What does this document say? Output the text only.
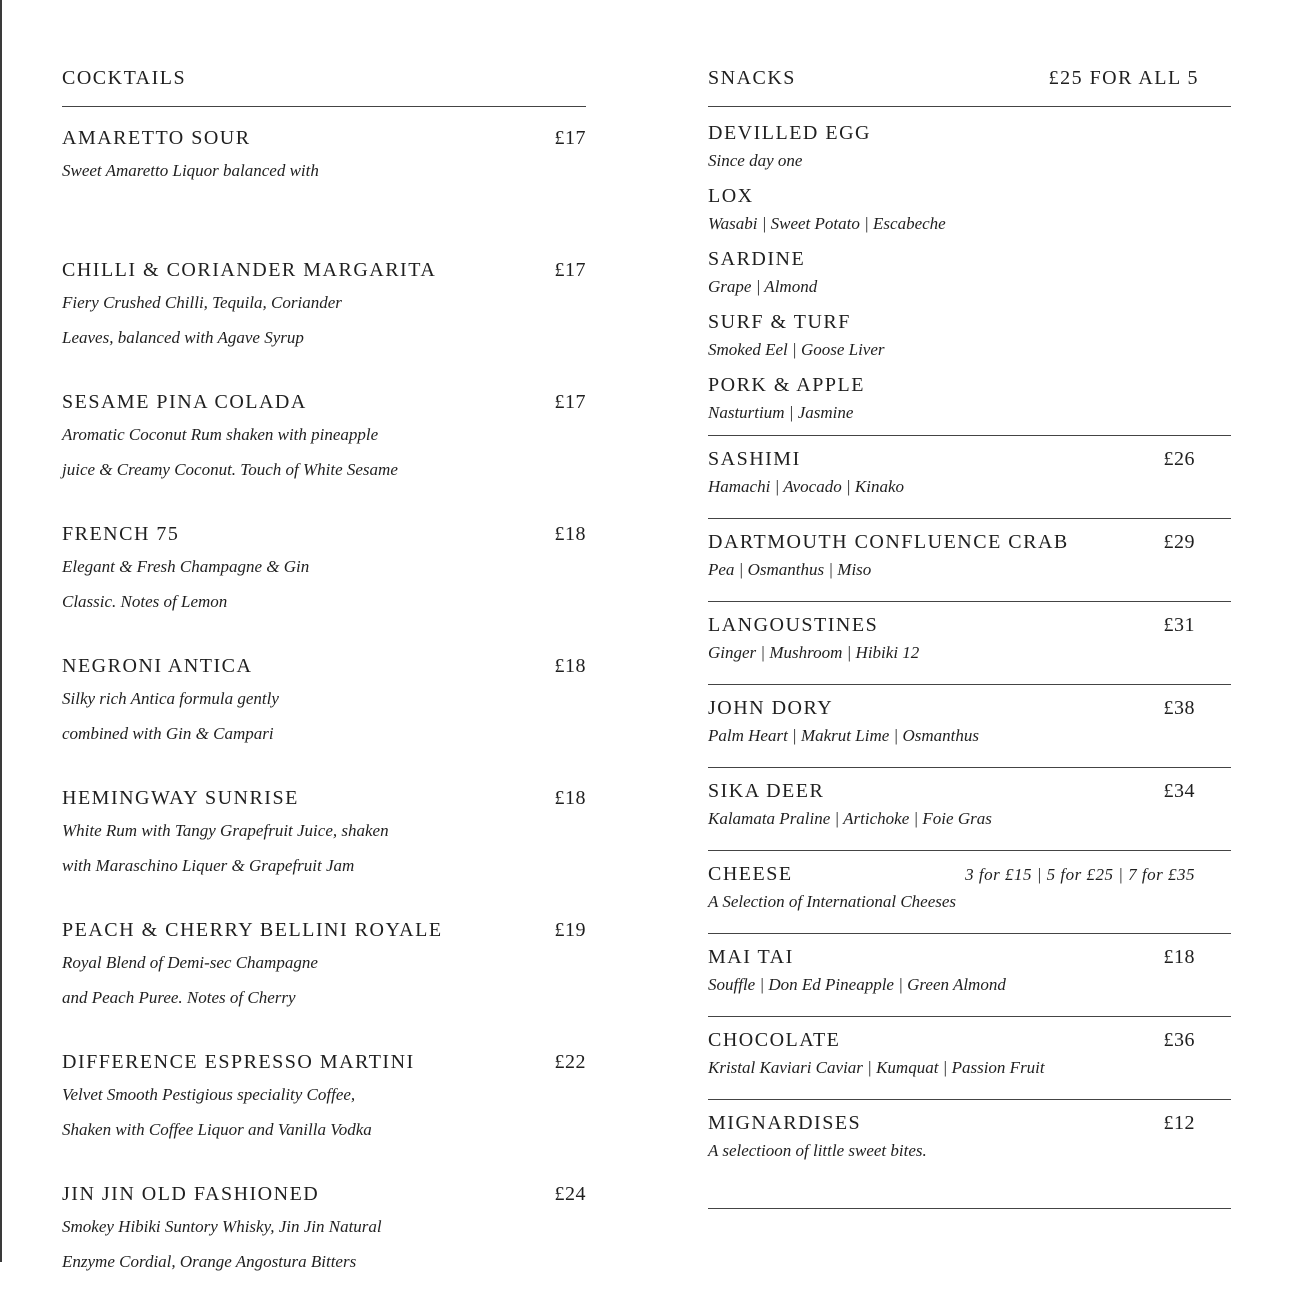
COCKTAILS
AMARETTO SOUR	£17
Sweet Amaretto Liquor balanced with
CHILLI & CORIANDER MARGARITA	£17
Fiery Crushed Chilli, Tequila, Coriander
Leaves, balanced with Agave Syrup
SESAME PINA COLADA	£17
Aromatic Coconut Rum shaken with pineapple
juice & Creamy Coconut. Touch of White Sesame
FRENCH 75	£18
Elegant & Fresh Champagne & Gin
Classic. Notes of Lemon
NEGRONI ANTICA	£18
Silky rich Antica formula gently
combined with Gin & Campari
HEMINGWAY SUNRISE	£18
White Rum with Tangy Grapefruit Juice, shaken
with Maraschino Liquer & Grapefruit Jam
PEACH & CHERRY BELLINI ROYALE	£19
Royal Blend of Demi-sec Champagne
and Peach Puree. Notes of Cherry
DIFFERENCE ESPRESSO MARTINI	£22
Velvet Smooth Pestigious speciality Coffee,
Shaken with Coffee Liquor and Vanilla Vodka
JIN JIN OLD FASHIONED	£24
Smokey Hibiki Suntory Whisky, Jin Jin Natural
Enzyme Cordial, Orange Angostura Bitters
SNACKS	£25 FOR ALL 5
DEVILLED EGG
Since day one
LOX
Wasabi | Sweet Potato | Escabeche
SARDINE
Grape | Almond
SURF & TURF
Smoked Eel | Goose Liver
PORK & APPLE
Nasturtium | Jasmine
SASHIMI	£26
Hamachi | Avocado | Kinako
DARTMOUTH CONFLUENCE CRAB	£29
Pea | Osmanthus | Miso
LANGOUSTINES	£31
Ginger | Mushroom | Hibiki 12
JOHN DORY	£38
Palm Heart | Makrut Lime | Osmanthus
SIKA DEER	£34
Kalamata Praline | Artichoke | Foie Gras
CHEESE	3 for £15 | 5 for £25 | 7 for £35
A Selection of International Cheeses
MAI TAI	£18
Souffle | Don Ed Pineapple | Green Almond
CHOCOLATE	£36
Kristal Kaviari Caviar | Kumquat | Passion Fruit
MIGNARDISES	£12
A selectioon of little sweet bites.
